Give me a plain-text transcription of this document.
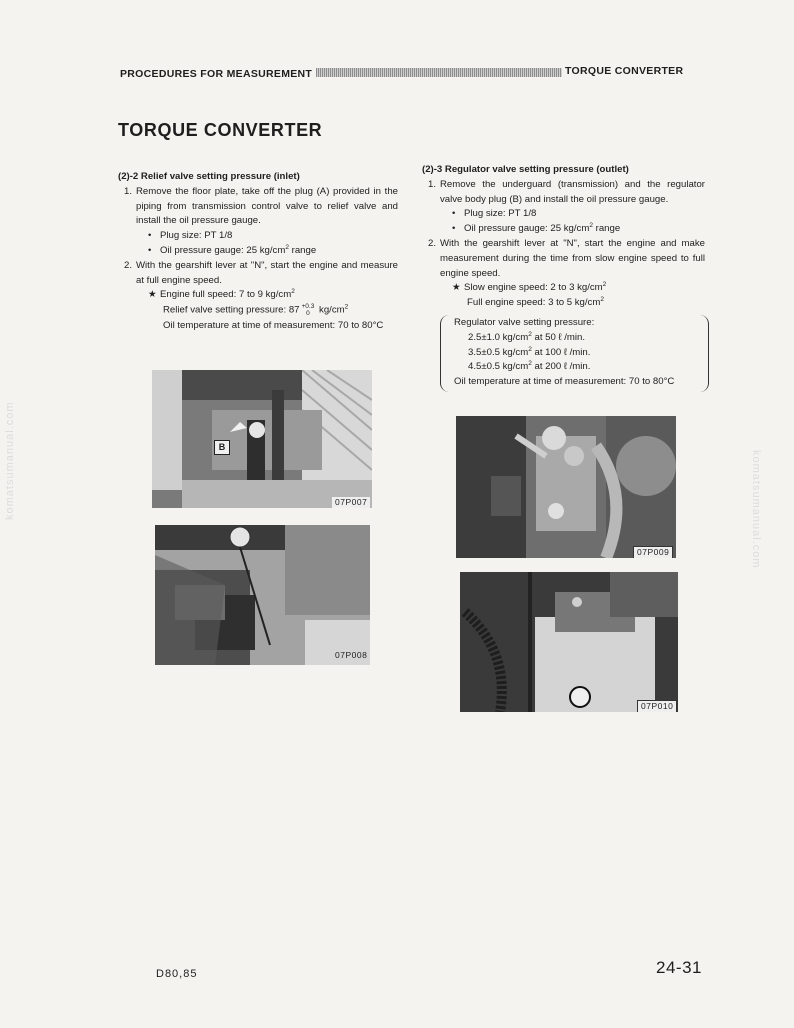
PROCEDURES FOR MEASUREMENT	TORQUE CONVERTER
TORQUE CONVERTER
(2)-2 Relief valve setting pressure (inlet)
1. Remove the floor plate, take off the plug (A) provided in the piping from transmission control valve to relief valve and install the oil pressure gauge.
• Plug size: PT 1/8
• Oil pressure gauge: 25 $kg/cm^2$ range
2. With the gearshift lever at "N", start the engine and measure at full engine speed.
★ Engine full speed: 7 to 9 $kg/cm^2$
Relief valve setting pressure: 87 +0.3
0 $kg/cm^2$
Oil temperature at time of measurement: 70 to 80°C
(2)-3 Regulator valve setting pressure (outlet)
1. Remove the underguard (transmission) and the regulator valve body plug (B) and install the oil pressure gauge.
• Plug size: PT 1/8
• Oil pressure gauge: 25 $kg/cm^2$ range
2. With the gearshift lever at "N", start the engine and make measurement during the time from slow engine speed to full engine speed.
★ Slow engine speed: 2 to 3 $kg/cm^2$
Full engine speed: 3 to 5 $kg/cm^2$
Regulator valve setting pressure:
2.5±1.0 $kg/cm^2$ at 50 ℓ /min.
3.5±0.5 $kg/cm^2$ at 100 ℓ /min.
4.5±0.5 $kg/cm^2$ at 200 ℓ /min.
Oil temperature at time of measurement: 70 to 80°C
B
07P007
07P008
07P009
07P010
D80,85	24-31
komatsumanual.com	komatsumanual.com
